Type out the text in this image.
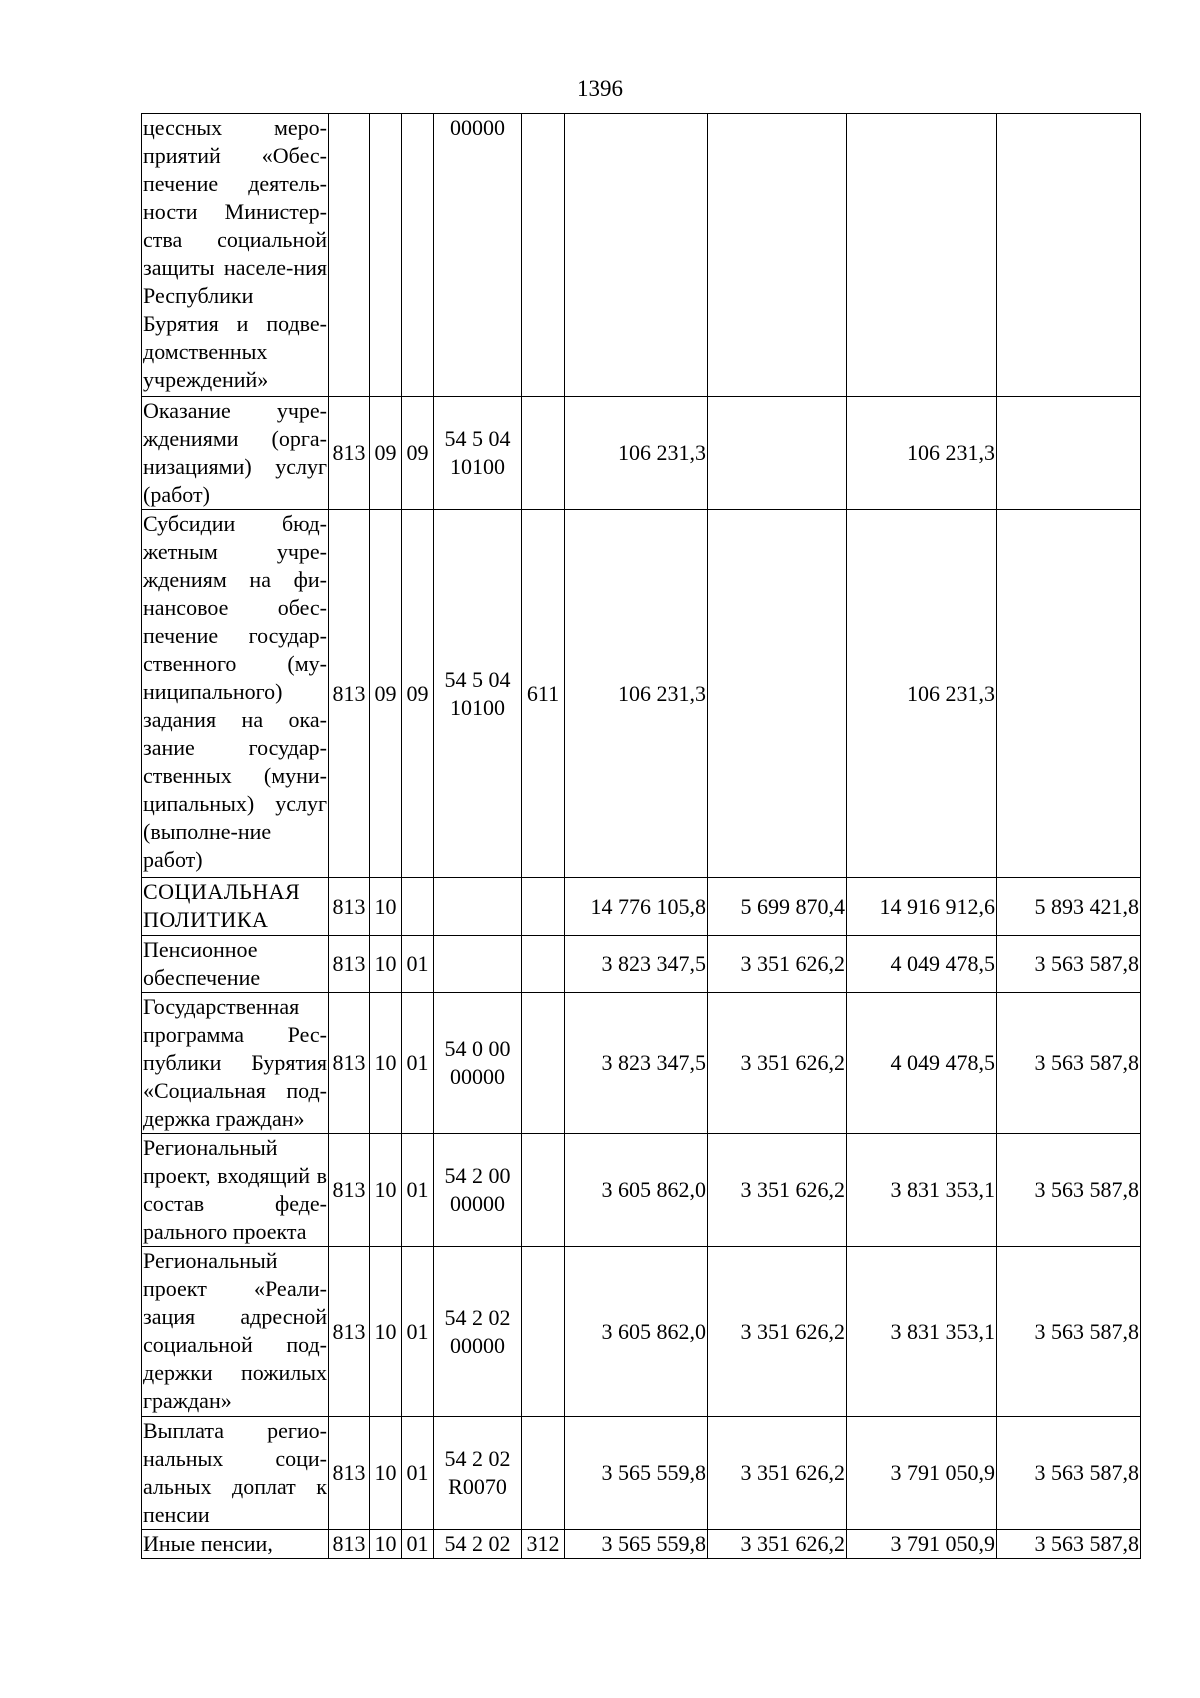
1396
цессных меро-приятий «Обес-печение деятель-ности Министер-ства социальной защиты населе-ния Республики Бурятия и подве-домственных учреждений»				00000					
Оказание учре-ждениями (орга-низациями) услуг (работ)	813	09	09	54 5 04 10100		106 231,3		106 231,3	
Субсидии бюд-жетным учре-ждениям на фи-нансовое обес-печение государ-ственного (му-ниципального) задания на ока-зание государ-ственных (муни-ципальных) услуг (выполне-ние работ)	813	09	09	54 5 04 10100	611	106 231,3		106 231,3	
СОЦИАЛЬНАЯ ПОЛИТИКА	813	10				14 776 105,8	5 699 870,4	14 916 912,6	5 893 421,8
Пенсионное обеспечение	813	10	01			3 823 347,5	3 351 626,2	4 049 478,5	3 563 587,8
Государственная программа Рес-публики Бурятия «Социальная под-держка граждан»	813	10	01	54 0 00 00000		3 823 347,5	3 351 626,2	4 049 478,5	3 563 587,8
Региональный проект, входящий в состав феде-рального проекта	813	10	01	54 2 00 00000		3 605 862,0	3 351 626,2	3 831 353,1	3 563 587,8
Региональный проект «Реали-зация адресной социальной под-держки пожилых граждан»	813	10	01	54 2 02 00000		3 605 862,0	3 351 626,2	3 831 353,1	3 563 587,8
Выплата регио-нальных соци-альных доплат к пенсии	813	10	01	54 2 02 R0070		3 565 559,8	3 351 626,2	3 791 050,9	3 563 587,8
Иные пенсии,	813	10	01	54 2 02	312	3 565 559,8	3 351 626,2	3 791 050,9	3 563 587,8
